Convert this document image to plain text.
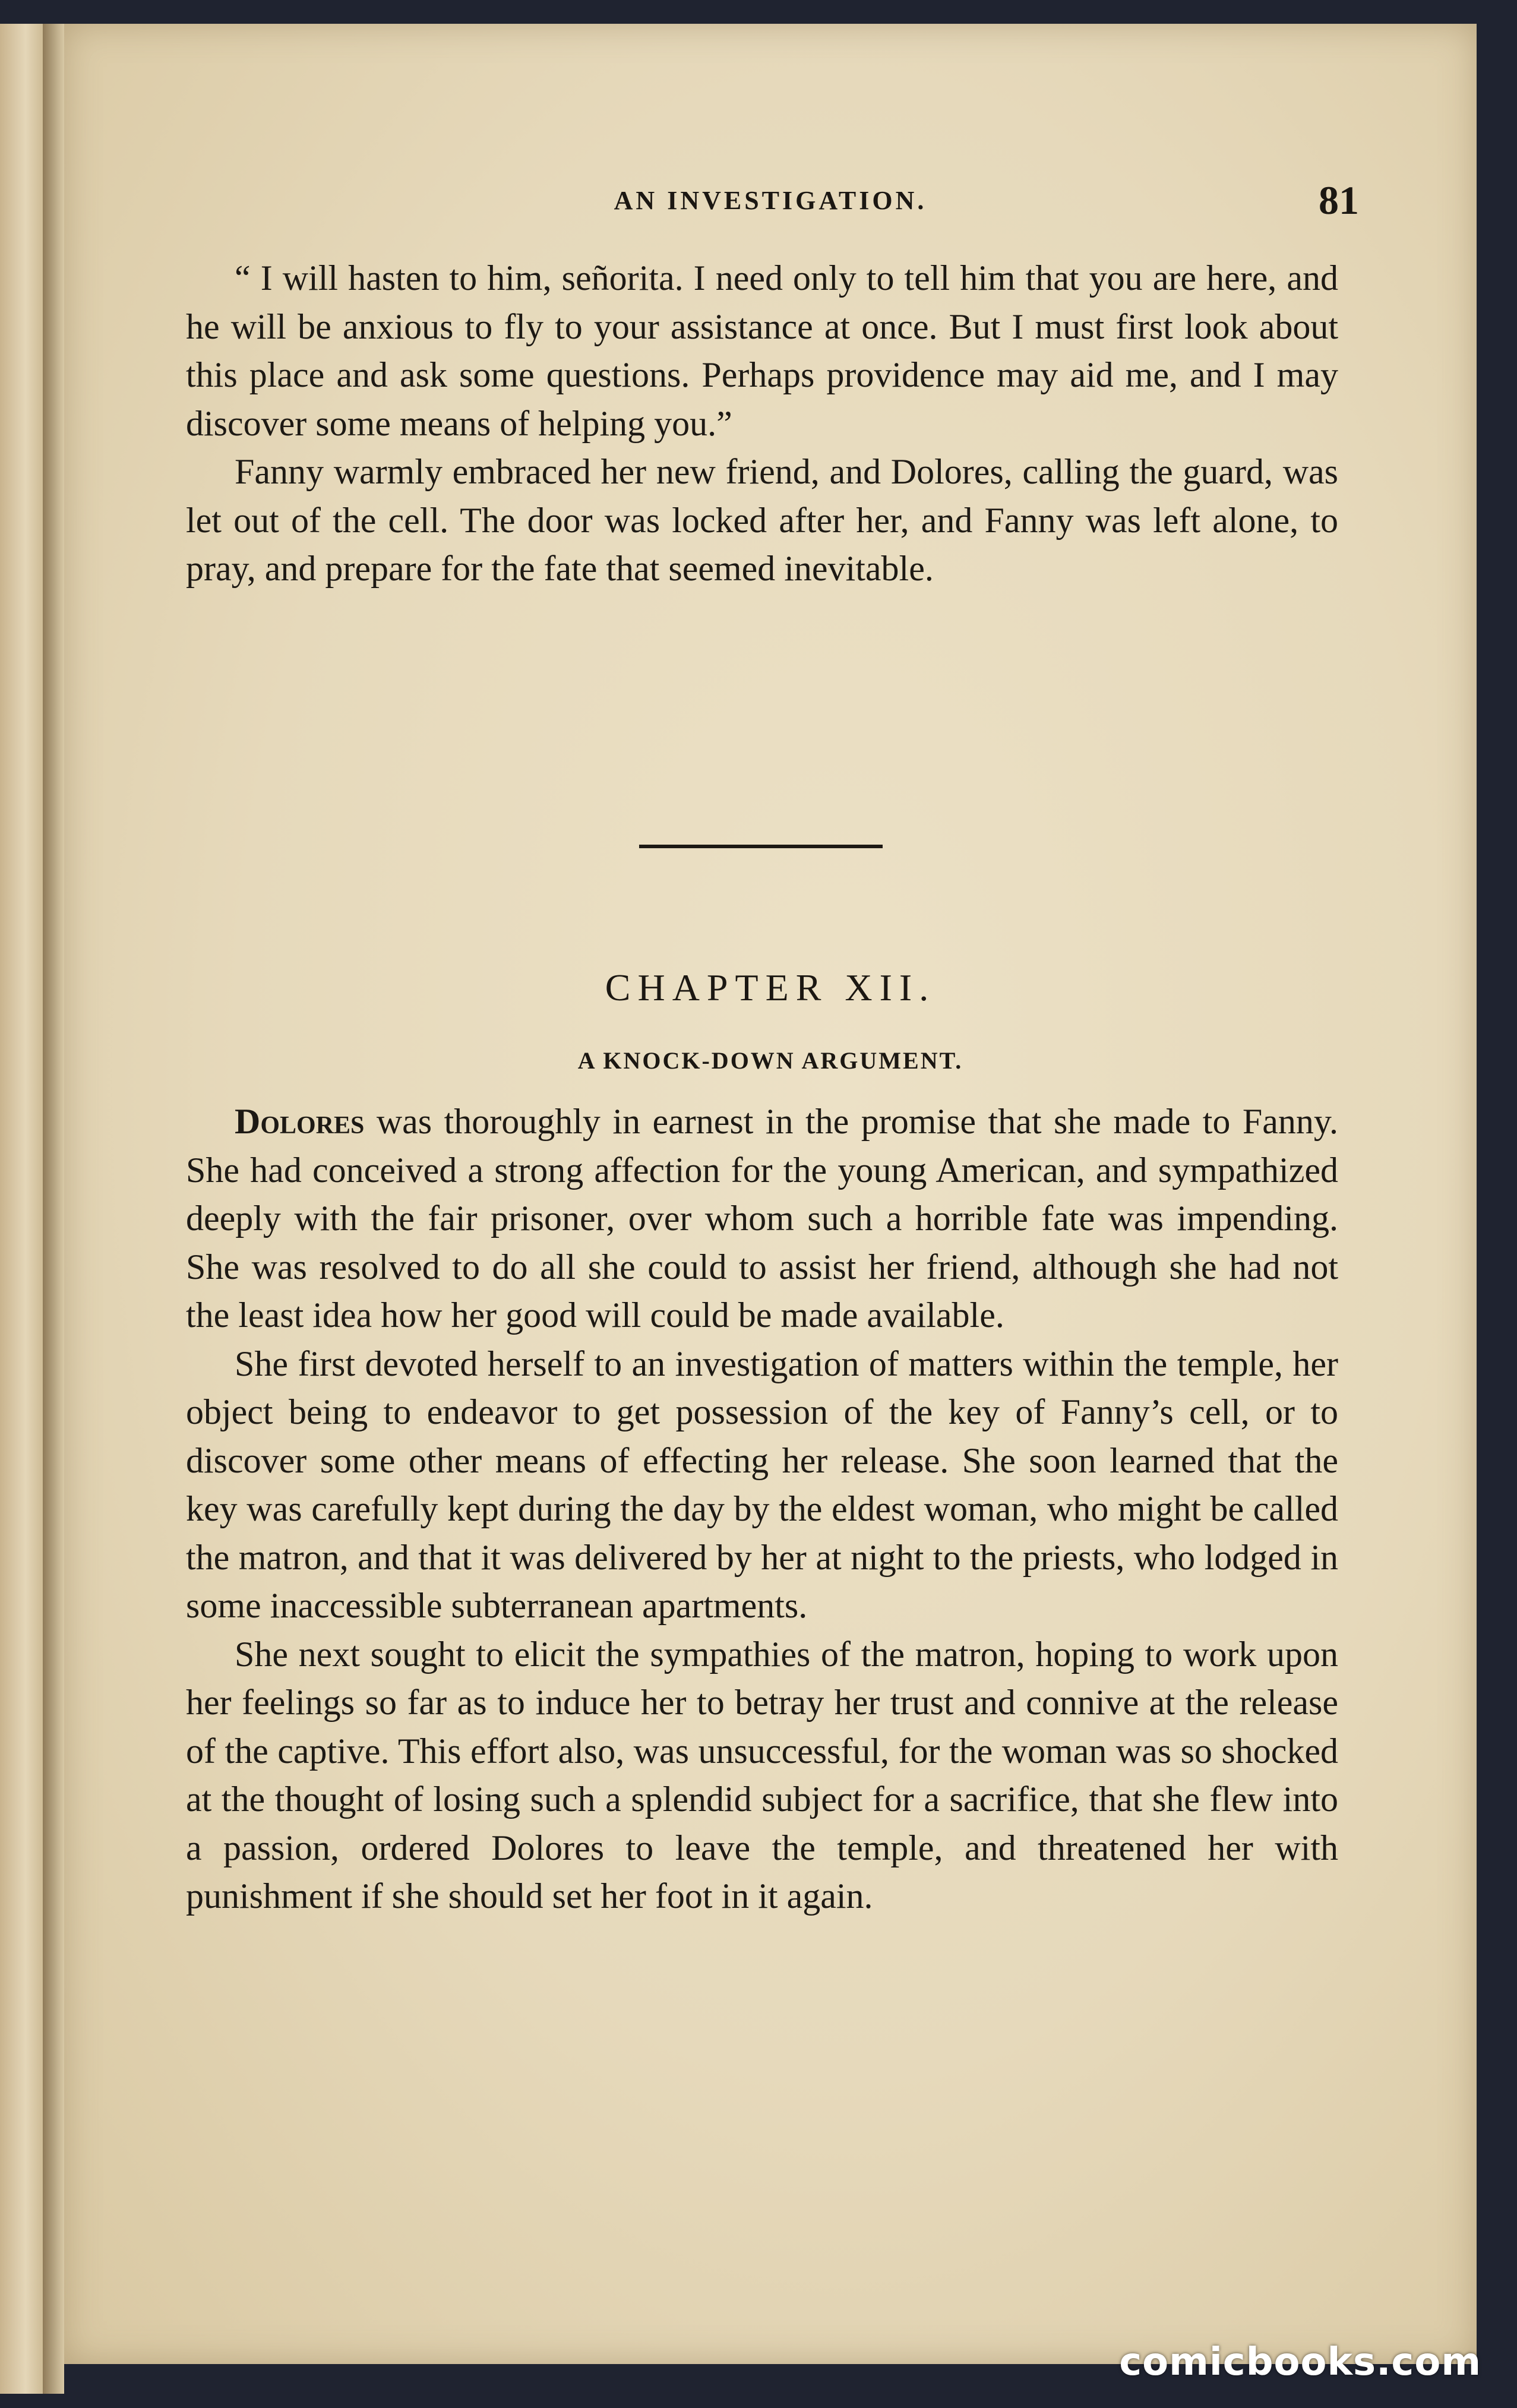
AN INVESTIGATION.	81

“ I will hasten to him, señorita. I need only to tell him that you are here, and he will be anxious to fly to your assistance at once. But I must first look about this place and ask some questions. Perhaps providence may aid me, and I may discover some means of helping you.”

Fanny warmly embraced her new friend, and Dolores, calling the guard, was let out of the cell. The door was locked after her, and Fanny was left alone, to pray, and prepare for the fate that seemed inevitable.

CHAPTER XII.
A KNOCK-DOWN ARGUMENT.

Dolores was thoroughly in earnest in the promise that she made to Fanny. She had conceived a strong affection for the young American, and sympathized deeply with the fair prisoner, over whom such a horrible fate was impending. She was resolved to do all she could to assist her friend, although she had not the least idea how her good will could be made available.

She first devoted herself to an investigation of matters within the temple, her object being to endeavor to get possession of the key of Fanny’s cell, or to discover some other means of effecting her release. She soon learned that the key was carefully kept during the day by the eldest woman, who might be called the matron, and that it was delivered by her at night to the priests, who lodged in some inaccessible subterranean apartments.

She next sought to elicit the sympathies of the matron, hoping to work upon her feelings so far as to induce her to betray her trust and connive at the release of the captive. This effort also, was unsuccessful, for the woman was so shocked at the thought of losing such a splendid subject for a sacrifice, that she flew into a passion, ordered Dolores to leave the temple, and threatened her with punishment if she should set her foot in it again.

comicbooks.com
